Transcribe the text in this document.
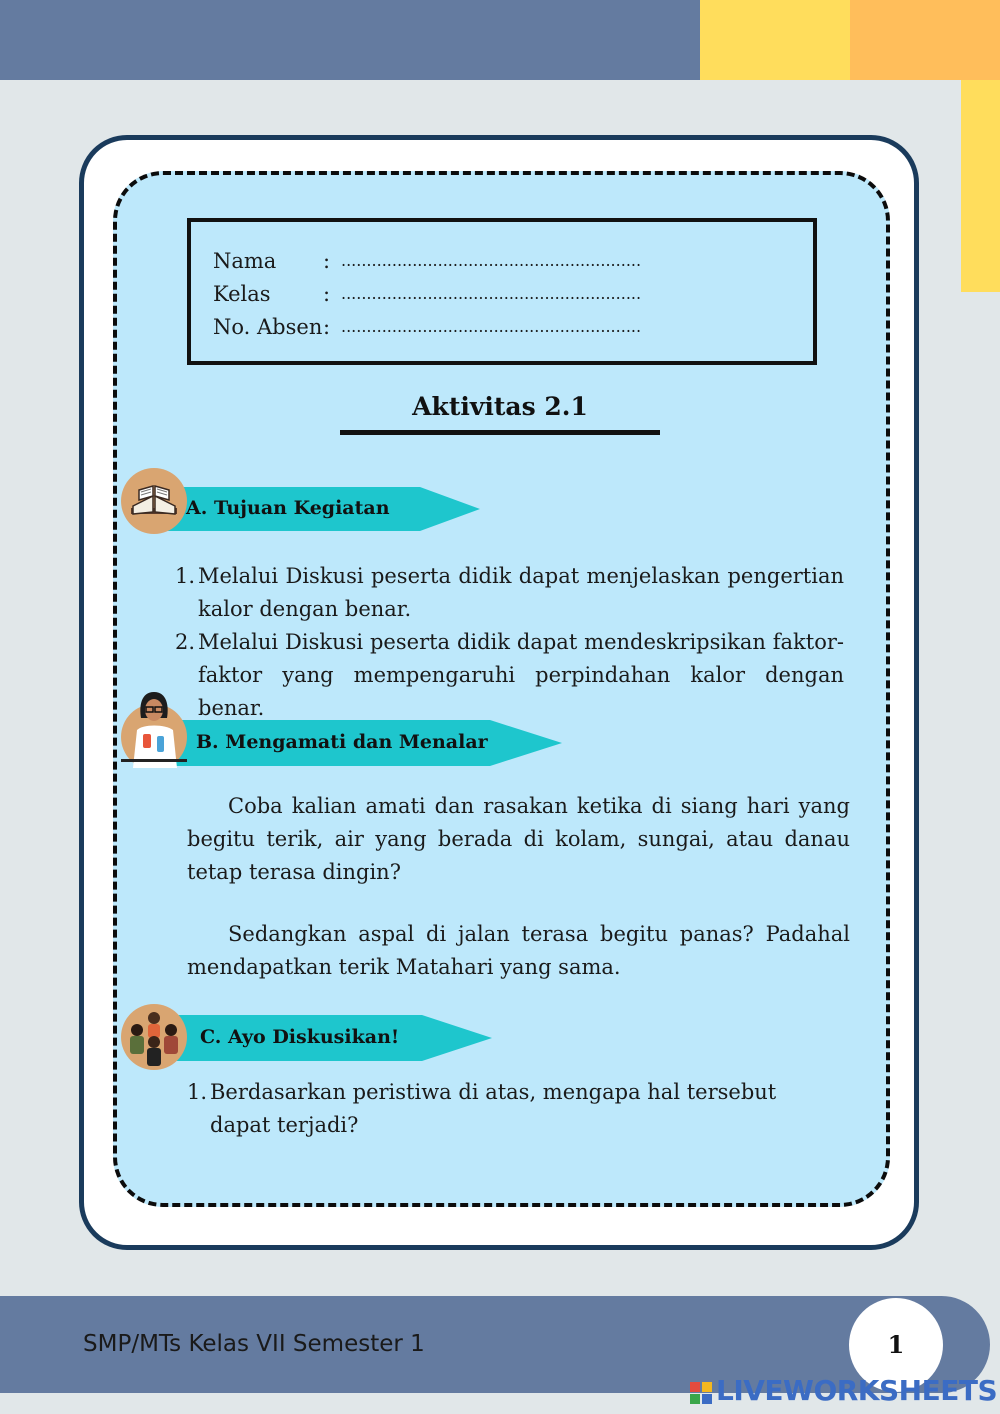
Nama : ...........................................................
Kelas : ...........................................................
No. Absen : ...........................................................
Aktivitas 2.1
A. Tujuan Kegiatan
1. Melalui Diskusi peserta didik dapat menjelaskan pengertian kalor dengan benar.
2. Melalui Diskusi peserta didik dapat mendeskripsikan faktor-faktor yang mempengaruhi perpindahan kalor dengan benar.
B. Mengamati dan Menalar
Coba kalian amati dan rasakan ketika di siang hari yang begitu terik, air yang berada di kolam, sungai, atau danau tetap terasa dingin?
Sedangkan aspal di jalan terasa begitu panas? Padahal mendapatkan terik Matahari yang sama.
C. Ayo Diskusikan!
1. Berdasarkan peristiwa di atas, mengapa hal tersebut dapat terjadi?
SMP/MTs Kelas VII Semester 1	1
LIVEWORKSHEETS
